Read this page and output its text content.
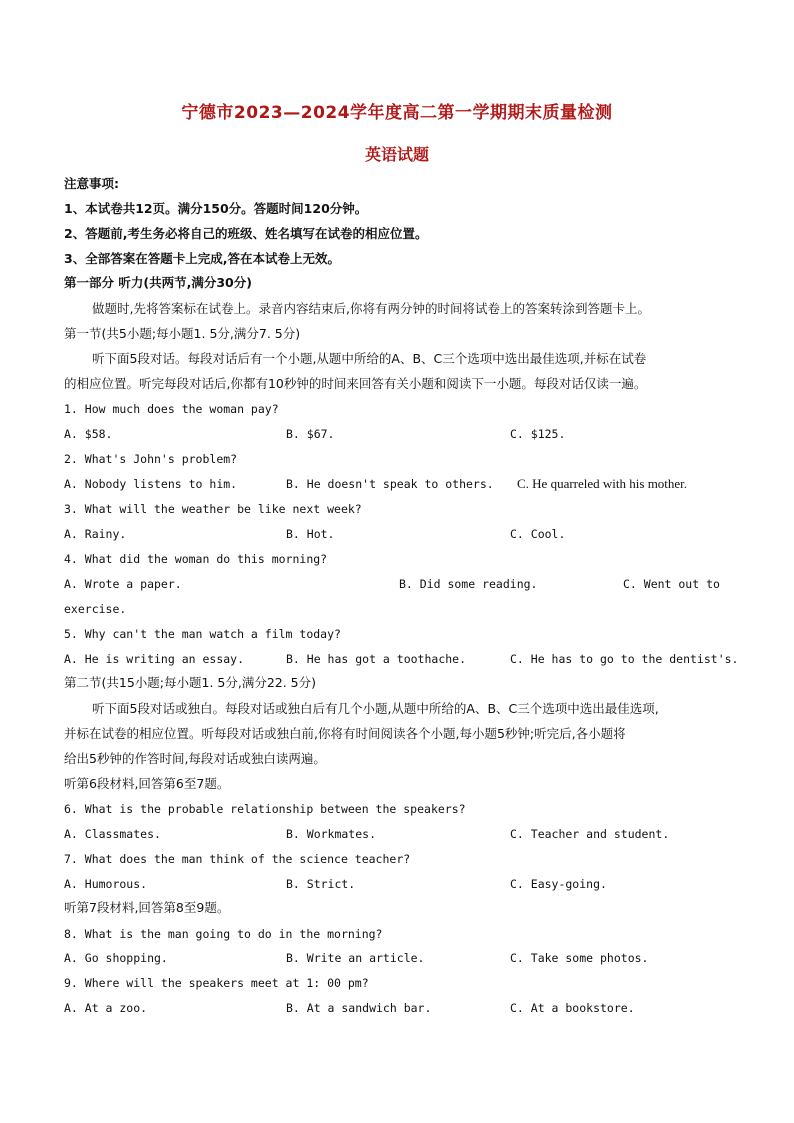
宁德市2023—2024学年度高二第一学期期末质量检测
英语试题
注意事项:
1、本试卷共12页。满分150分。答题时间120分钟。
2、答题前,考生务必将自己的班级、姓名填写在试卷的相应位置。
3、全部答案在答题卡上完成,答在本试卷上无效。
第一部分 听力(共两节,满分30分)
做题时,先将答案标在试卷上。录音内容结束后,你将有两分钟的时间将试卷上的答案转涂到答题卡上。
第一节(共5小题;每小题1. 5分,满分7. 5分)
听下面5段对话。每段对话后有一个小题,从题中所给的A、B、C三个选项中选出最佳选项,并标在试卷
的相应位置。听完每段对话后,你都有10秒钟的时间来回答有关小题和阅读下一小题。每段对话仅读一遍。
1. How much does the woman pay?
A. $58.	B. $67.	C. $125.
2. What's John's problem?
A. Nobody listens to him.	B. He doesn't speak to others. C. He quarreled with his mother.
3. What will the weather be like next week?
A. Rainy.	B. Hot.	C. Cool.
4. What did the woman do this morning?
A. Wrote a paper.	B. Did some reading.	C. Went out to
exercise.
5. Why can't the man watch a film today?
A. He is writing an essay.	B. He has got a toothache.	C. He has to go to the dentist's.
第二节(共15小题;每小题1. 5分,满分22. 5分)
听下面5段对话或独白。每段对话或独白后有几个小题,从题中所给的A、B、C三个选项中选出最佳选项,
并标在试卷的相应位置。听每段对话或独白前,你将有时间阅读各个小题,每小题5秒钟;听完后,各小题将
给出5秒钟的作答时间,每段对话或独白读两遍。
听第6段材料,回答第6至7题。
6. What is the probable relationship between the speakers?
A. Classmates.	B. Workmates.	C. Teacher and student.
7. What does the man think of the science teacher?
A. Humorous.	B. Strict.	C. Easy-going.
听第7段材料,回答第8至9题。
8. What is the man going to do in the morning?
A. Go shopping.	B. Write an article.	C. Take some photos.
9. Where will the speakers meet at 1: 00 pm?
A. At a zoo.	B. At a sandwich bar.	C. At a bookstore.
